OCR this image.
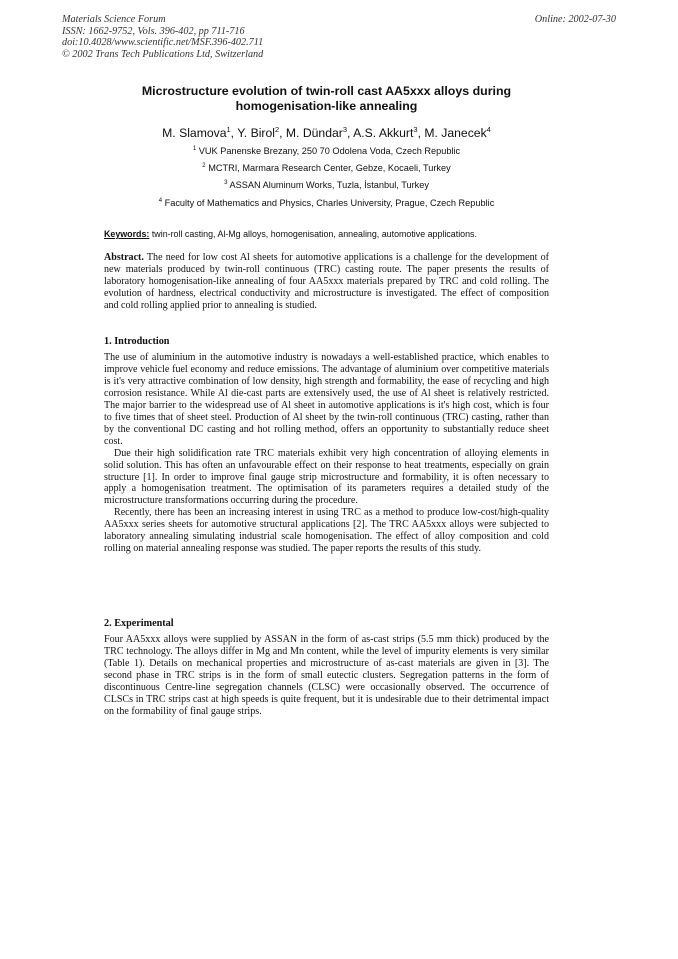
Materials Science Forum
ISSN: 1662-9752, Vols. 396-402, pp 711-716
doi:10.4028/www.scientific.net/MSF.396-402.711
© 2002 Trans Tech Publications Ltd, Switzerland
Online: 2002-07-30
Microstructure evolution of twin-roll cast AA5xxx alloys during homogenisation-like annealing
M. Slamova$^1$, Y. Birol$^2$, M. Dündar$^3$, A.S. Akkurt$^3$, M. Janecek$^4$
$^1$ VUK Panenske Brezany, 250 70 Odolena Voda, Czech Republic
$^2$ MCTRI, Marmara Research Center, Gebze, Kocaeli, Turkey
$^3$ ASSAN Aluminum Works, Tuzla, İstanbul, Turkey
$^4$ Faculty of Mathematics and Physics, Charles University, Prague, Czech Republic
Keywords: twin-roll casting, Al-Mg alloys, homogenisation, annealing, automotive applications.

Abstract. The need for low cost Al sheets for automotive applications is a challenge for the development of new materials produced by twin-roll continuous (TRC) casting route. The paper presents the results of laboratory homogenisation-like annealing of four AA5xxx materials prepared by TRC and cold rolling. The evolution of hardness, electrical conductivity and microstructure is investigated. The effect of composition and cold rolling applied prior to annealing is studied.

1. Introduction

The use of aluminium in the automotive industry is nowadays a well-established practice, which enables to improve vehicle fuel economy and reduce emissions. The advantage of aluminium over competitive materials is it's very attractive combination of low density, high strength and formability, the ease of recycling and high corrosion resistance. While Al die-cast parts are extensively used, the use of Al sheet is relatively restricted. The major barrier to the widespread use of Al sheet in automotive applications is it's high cost, which is four to five times that of sheet steel. Production of Al sheet by the twin-roll continuous (TRC) casting, rather than by the conventional DC casting and hot rolling method, offers an opportunity to substantially reduce sheet cost.

Due their high solidification rate TRC materials exhibit very high concentration of alloying elements in solid solution. This has often an unfavourable effect on their response to heat treatments, especially on grain structure [1]. In order to improve final gauge strip microstructure and formability, it is often necessary to apply a homogenisation treatment. The optimisation of its parameters requires a detailed study of the microstructure transformations occurring during the procedure.

Recently, there has been an increasing interest in using TRC as a method to produce low-cost/high-quality AA5xxx series sheets for automotive structural applications [2]. The TRC AA5xxx alloys were subjected to laboratory annealing simulating industrial scale homogenisation. The effect of alloy composition and cold rolling on material annealing response was studied. The paper reports the results of this study.

2. Experimental

Four AA5xxx alloys were supplied by ASSAN in the form of as-cast strips (5.5 mm thick) produced by the TRC technology. The alloys differ in Mg and Mn content, while the level of impurity elements is very similar (Table 1). Details on mechanical properties and microstructure of as-cast materials are given in [3]. The second phase in TRC strips is in the form of small eutectic clusters. Segregation patterns in the form of discontinuous Centre-line segregation channels (CLSC) were occasionally observed. The occurrence of CLSCs in TRC strips cast at high speeds is quite frequent, but it is undesirable due to their detrimental impact on the formability of final gauge strips.
